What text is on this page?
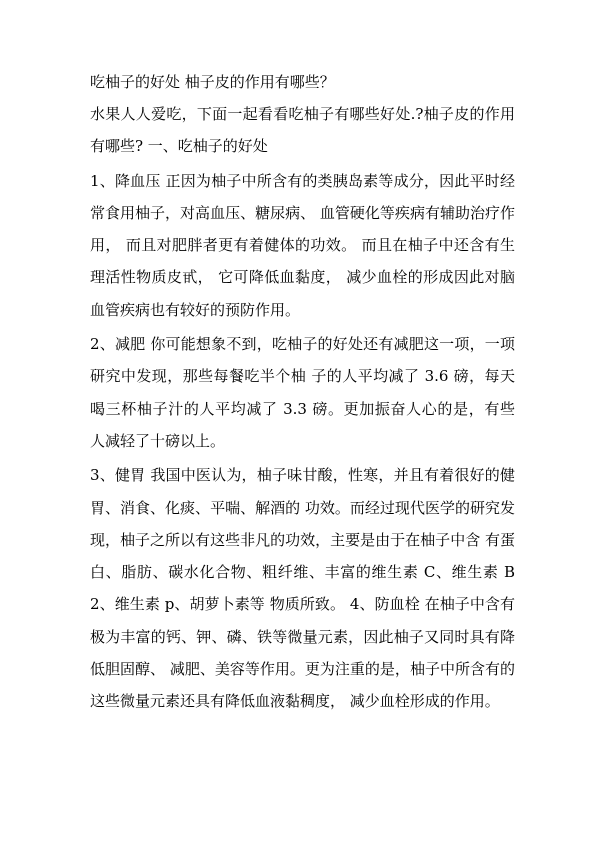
吃柚子的好处 柚子皮的作用有哪些？

水果人人爱吃，下面一起看看吃柚子有哪些好处.?柚子皮的作用有哪些? 一、吃柚子的好处

1、降血压 正因为柚子中所含有的类胰岛素等成分，因此平时经常食用柚子，对高血压、糖尿病、 血管硬化等疾病有辅助治疗作用， 而且对肥胖者更有着健体的功效。 而且在柚子中还含有生 理活性物质皮甙， 它可降低血黏度， 减少血栓的形成因此对脑血管疾病也有较好的预防作用。

2、减肥 你可能想象不到，吃柚子的好处还有减肥这一项，一项研究中发现，那些每餐吃半个柚 子的人平均减了 3.6 磅，每天喝三杯柚子汁的人平均减了 3.3 磅。更加振奋人心的是，有些 人减轻了十磅以上。

3、健胃 我国中医认为，柚子味甘酸，性寒，并且有着很好的健胃、消食、化痰、平喘、解酒的 功效。而经过现代医学的研究发现，柚子之所以有这些非凡的功效，主要是由于在柚子中含 有蛋白、脂肪、碳水化合物、粗纤维、丰富的维生素 C、维生素 B2、维生素 p、胡萝卜素等 物质所致。 4、防血栓 在柚子中含有极为丰富的钙、钾、磷、铁等微量元素，因此柚子又同时具有降低胆固醇、 减肥、美容等作用。更为注重的是，柚子中所含有的这些微量元素还具有降低血液黏稠度， 减少血栓形成的作用。
